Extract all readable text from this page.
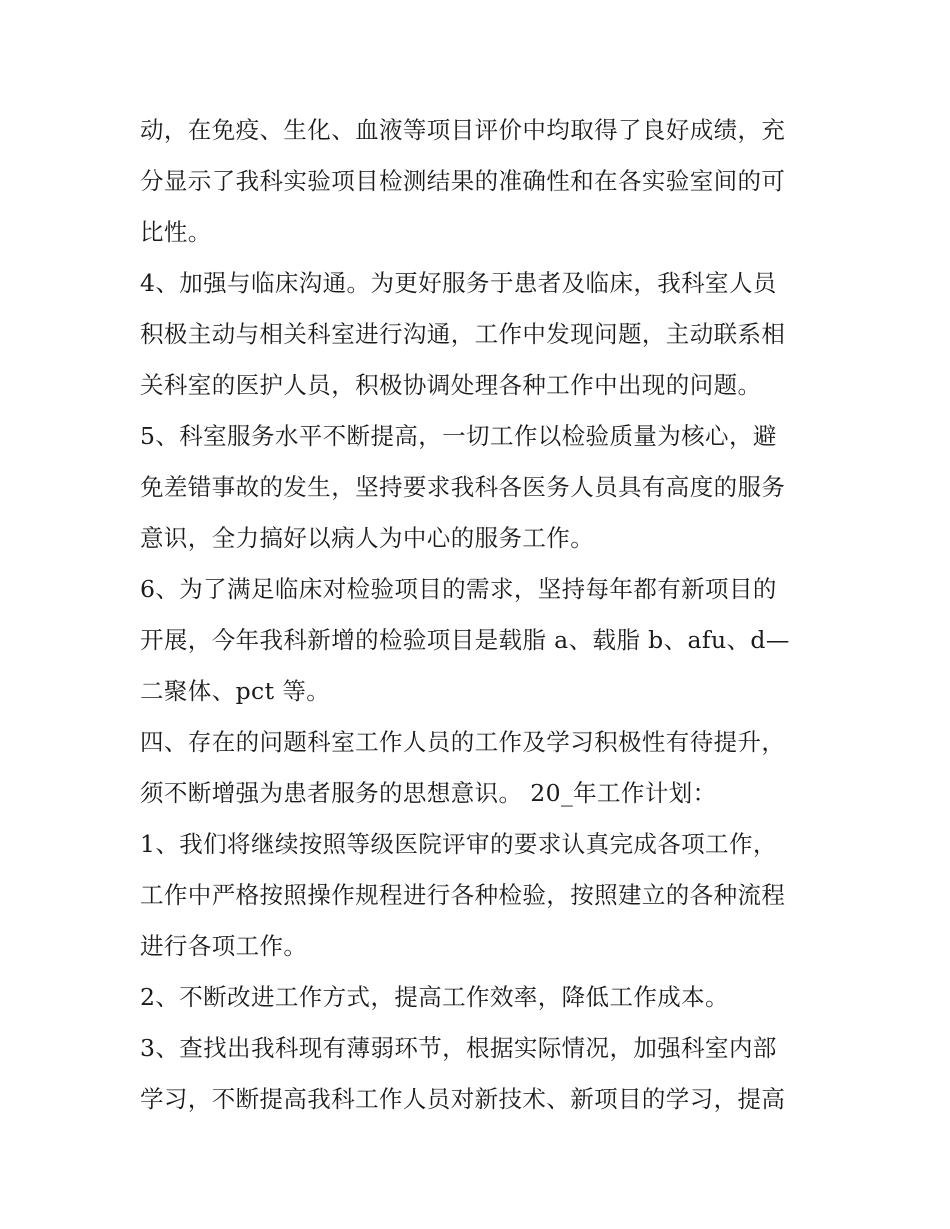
动，在免疫、生化、血液等项目评价中均取得了良好成绩，充
分显示了我科实验项目检测结果的准确性和在各实验室间的可
比性。
4、加强与临床沟通。为更好服务于患者及临床，我科室人员
积极主动与相关科室进行沟通，工作中发现问题，主动联系相
关科室的医护人员，积极协调处理各种工作中出现的问题。
5、科室服务水平不断提高，一切工作以检验质量为核心，避
免差错事故的发生，坚持要求我科各医务人员具有高度的服务
意识，全力搞好以病人为中心的服务工作。
6、为了满足临床对检验项目的需求，坚持每年都有新项目的
开展，今年我科新增的检验项目是载脂 a、载脂 b、afu、d—
二聚体、pct 等。
四、存在的问题科室工作人员的工作及学习积极性有待提升，
须不断增强为患者服务的思想意识。 20_年工作计划：
1、我们将继续按照等级医院评审的要求认真完成各项工作，
工作中严格按照操作规程进行各种检验，按照建立的各种流程
进行各项工作。
2、不断改进工作方式，提高工作效率，降低工作成本。
3、查找出我科现有薄弱环节，根据实际情况，加强科室内部
学习，不断提高我科工作人员对新技术、新项目的学习，提高
